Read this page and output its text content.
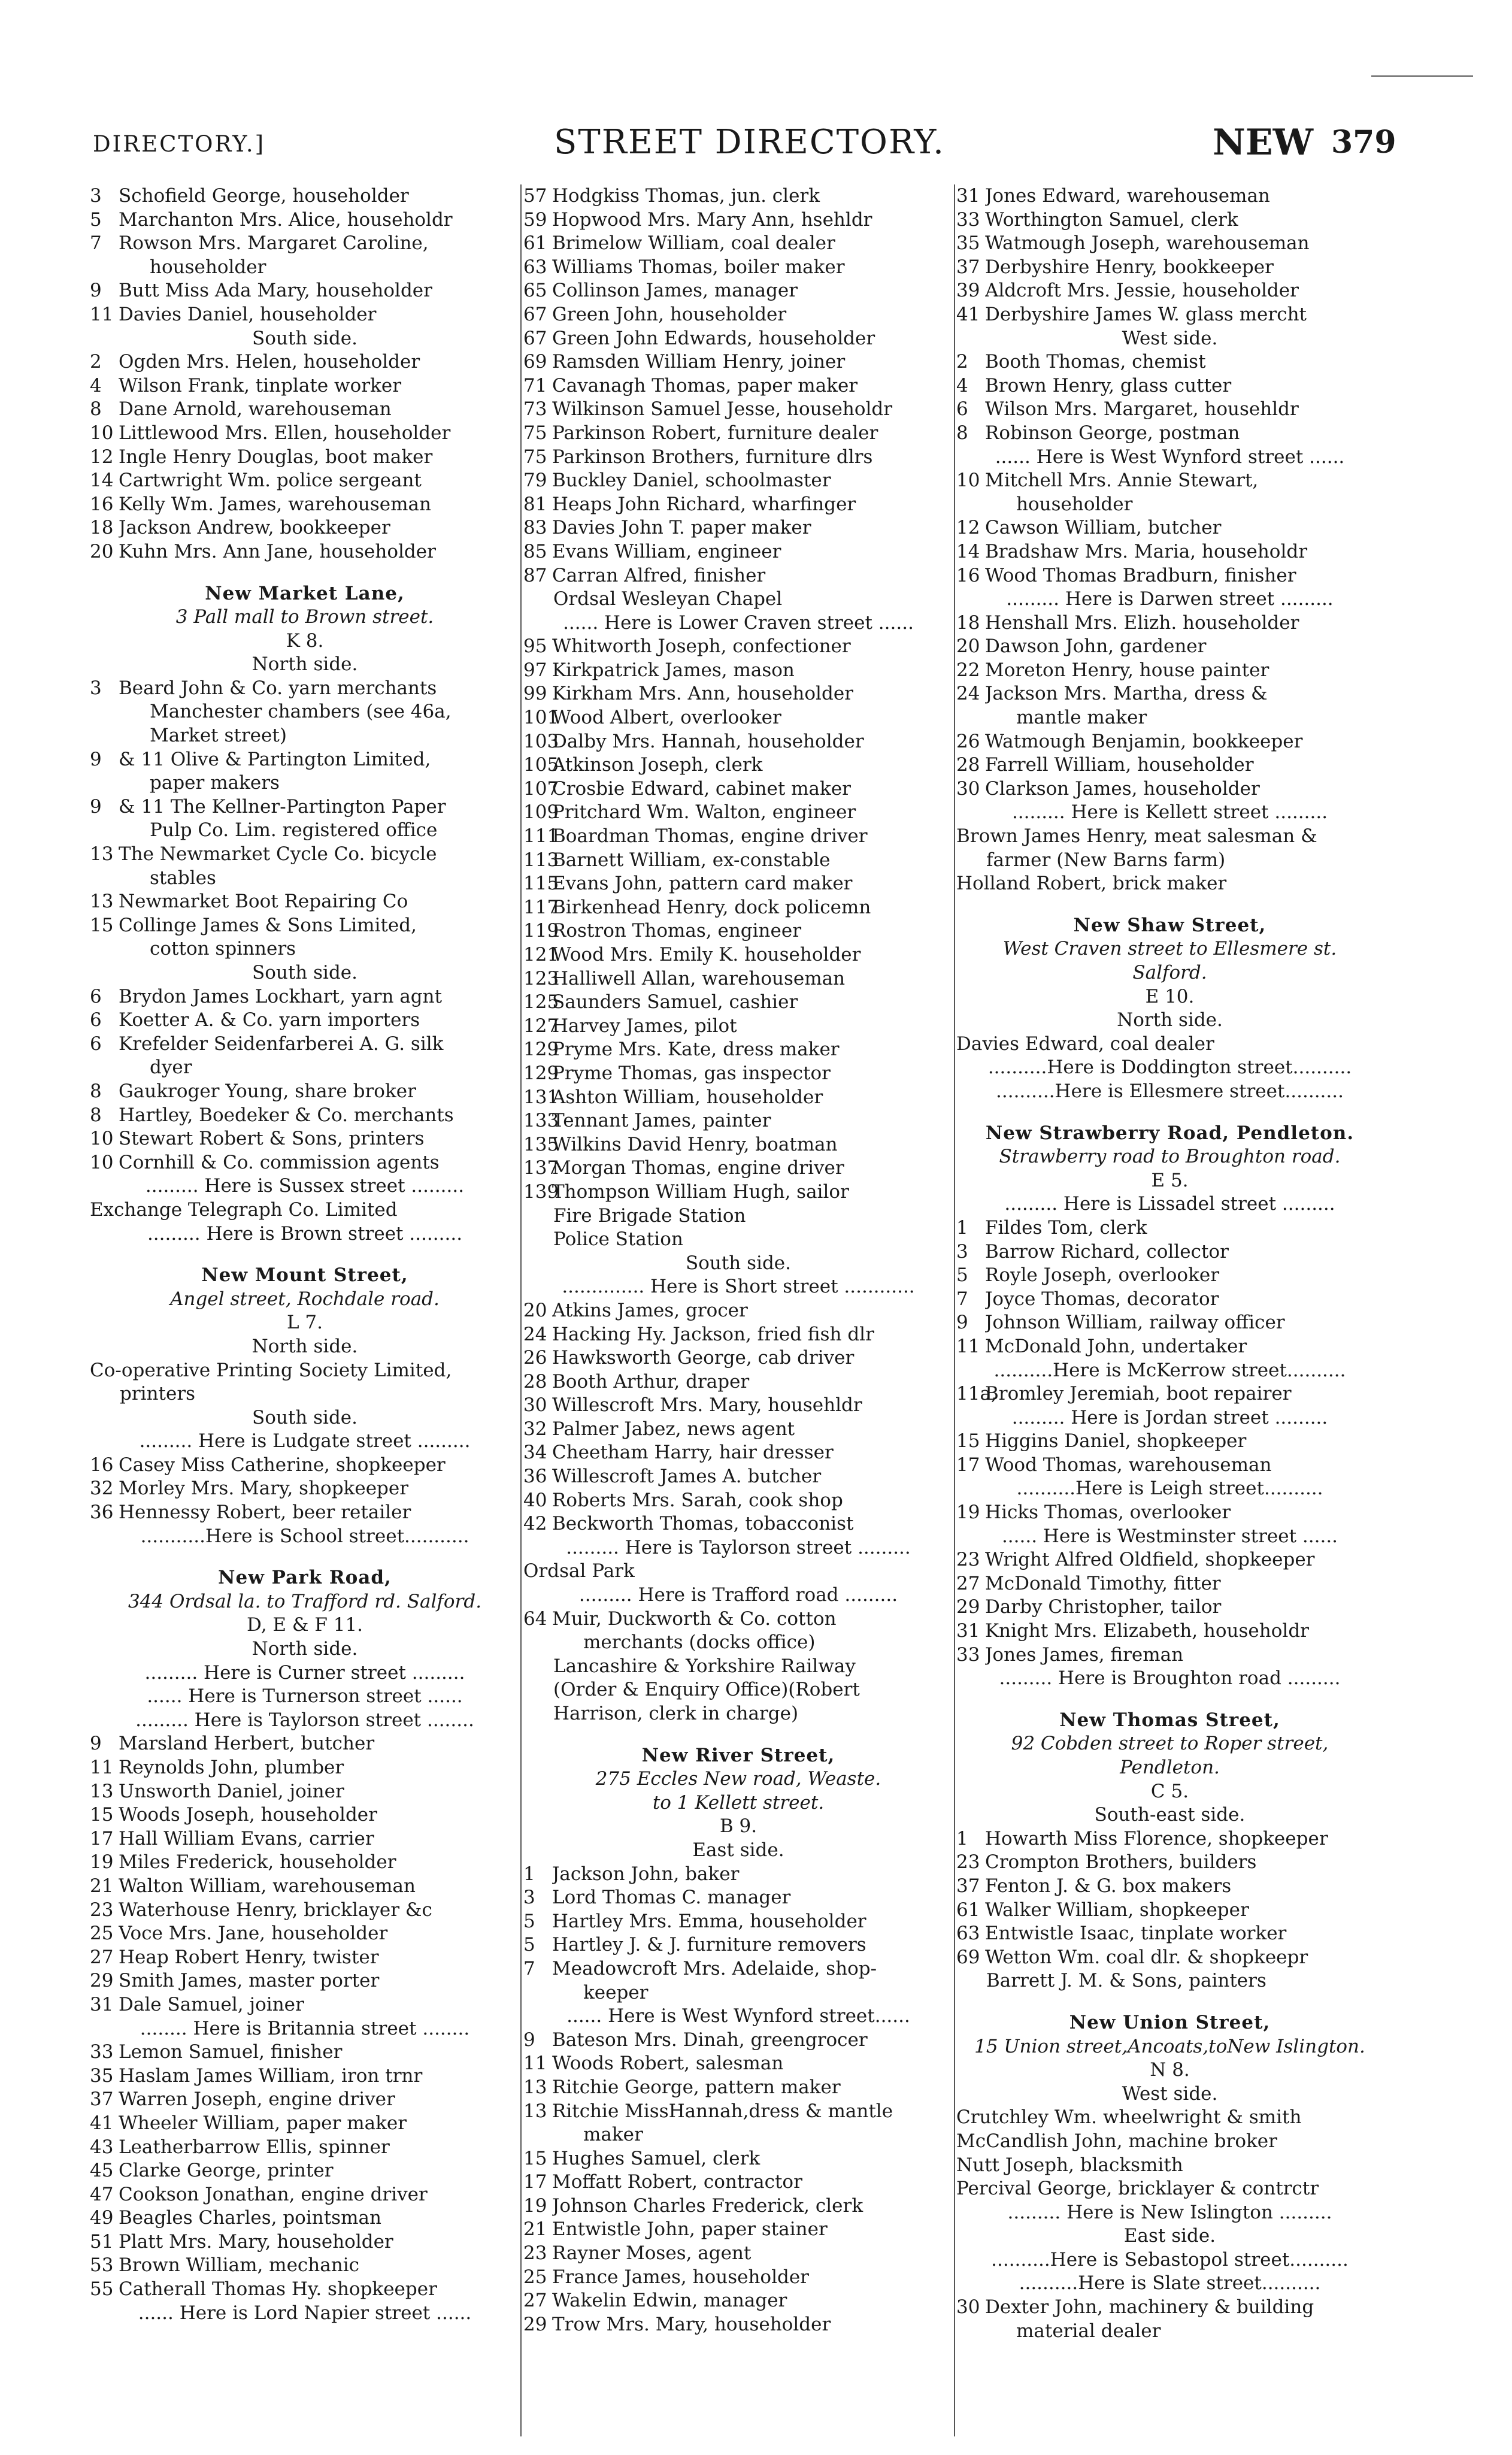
DIRECTORY.]	STREET DIRECTORY.	NEW 379
3 Schofield George, householder
5 Marchanton Mrs. Alice, householdr
7 Rowson Mrs. Margaret Caroline,
householder
9 Butt Miss Ada Mary, householder
11 Davies Daniel, householder
South side.
2 Ogden Mrs. Helen, householder
4 Wilson Frank, tinplate worker
8 Dane Arnold, warehouseman
10 Littlewood Mrs. Ellen, householder
12 Ingle Henry Douglas, boot maker
14 Cartwright Wm. police sergeant
16 Kelly Wm. James, warehouseman
18 Jackson Andrew, bookkeeper
20 Kuhn Mrs. Ann Jane, householder
New Market Lane,
3 Pall mall to Brown street.
K 8.
North side.
3 Beard John & Co. yarn merchants
Manchester chambers (see 46a,
Market street)
9 & 11 Olive & Partington Limited,
paper makers
9 & 11 The Kellner-Partington Paper
Pulp Co. Lim. registered office
13 The Newmarket Cycle Co. bicycle
stables
13 Newmarket Boot Repairing Co
15 Collinge James & Sons Limited,
cotton spinners
South side.
6 Brydon James Lockhart, yarn agnt
6 Koetter A. & Co. yarn importers
6 Krefelder Seidenfarberei A. G. silk
dyer
8 Gaukroger Young, share broker
8 Hartley, Boedeker & Co. merchants
10 Stewart Robert & Sons, printers
10 Cornhill & Co. commission agents
......... Here is Sussex street .........
Exchange Telegraph Co. Limited
......... Here is Brown street .........
New Mount Street,
Angel street, Rochdale road.
L 7.
North side.
Co-operative Printing Society Limited,
printers
South side.
......... Here is Ludgate street .........
16 Casey Miss Catherine, shopkeeper
32 Morley Mrs. Mary, shopkeeper
36 Hennessy Robert, beer retailer
...........Here is School street...........
New Park Road,
344 Ordsal la. to Trafford rd. Salford.
D, E & F 11.
North side.
......... Here is Curner street .........
...... Here is Turnerson street ......
......... Here is Taylorson street ........
9 Marsland Herbert, butcher
11 Reynolds John, plumber
13 Unsworth Daniel, joiner
15 Woods Joseph, householder
17 Hall William Evans, carrier
19 Miles Frederick, householder
21 Walton William, warehouseman
23 Waterhouse Henry, bricklayer &c
25 Voce Mrs. Jane, householder
27 Heap Robert Henry, twister
29 Smith James, master porter
31 Dale Samuel, joiner
........ Here is Britannia street ........
33 Lemon Samuel, finisher
35 Haslam James William, iron trnr
37 Warren Joseph, engine driver
41 Wheeler William, paper maker
43 Leatherbarrow Ellis, spinner
45 Clarke George, printer
47 Cookson Jonathan, engine driver
49 Beagles Charles, pointsman
51 Platt Mrs. Mary, householder
53 Brown William, mechanic
55 Catherall Thomas Hy. shopkeeper
...... Here is Lord Napier street ......
57 Hodgkiss Thomas, jun. clerk
59 Hopwood Mrs. Mary Ann, hsehldr
61 Brimelow William, coal dealer
63 Williams Thomas, boiler maker
65 Collinson James, manager
67 Green John, householder
67 Green John Edwards, householder
69 Ramsden William Henry, joiner
71 Cavanagh Thomas, paper maker
73 Wilkinson Samuel Jesse, householdr
75 Parkinson Robert, furniture dealer
75 Parkinson Brothers, furniture dlrs
79 Buckley Daniel, schoolmaster
81 Heaps John Richard, wharfinger
83 Davies John T. paper maker
85 Evans William, engineer
87 Carran Alfred, finisher
Ordsal Wesleyan Chapel
...... Here is Lower Craven street ......
95 Whitworth Joseph, confectioner
97 Kirkpatrick James, mason
99 Kirkham Mrs. Ann, householder
101
Wood Albert, overlooker
103
Dalby Mrs. Hannah, householder
105
Atkinson Joseph, clerk
107
Crosbie Edward, cabinet maker
109
Pritchard Wm. Walton, engineer
111
Boardman Thomas, engine driver
113
Barnett William, ex-constable
115
Evans John, pattern card maker
117
Birkenhead Henry, dock policemn
119
Rostron Thomas, engineer
121
Wood Mrs. Emily K. householder
123
Halliwell Allan, warehouseman
125
Saunders Samuel, cashier
127
Harvey James, pilot
129
Pryme Mrs. Kate, dress maker
129
Pryme Thomas, gas inspector
131
Ashton William, householder
133
Tennant James, painter
135
Wilkins David Henry, boatman
137
Morgan Thomas, engine driver
139
Thompson William Hugh, sailor
Fire Brigade Station
Police Station
South side.
.............. Here is Short street ............
20 Atkins James, grocer
24 Hacking Hy. Jackson, fried fish dlr
26 Hawksworth George, cab driver
28 Booth Arthur, draper
30 Willescroft Mrs. Mary, househldr
32 Palmer Jabez, news agent
34 Cheetham Harry, hair dresser
36 Willescroft James A. butcher
40 Roberts Mrs. Sarah, cook shop
42 Beckworth Thomas, tobacconist
......... Here is Taylorson street .........
Ordsal Park
......... Here is Trafford road .........
64 Muir, Duckworth & Co. cotton
merchants (docks office)
Lancashire & Yorkshire Railway
(Order & Enquiry Office)(Robert
Harrison, clerk in charge)
New River Street,
275 Eccles New road, Weaste.
to 1 Kellett street.
B 9.
East side.
1 Jackson John, baker
3 Lord Thomas C. manager
5 Hartley Mrs. Emma, householder
5 Hartley J. & J. furniture removers
7 Meadowcroft Mrs. Adelaide, shop-
keeper
...... Here is West Wynford street......
9 Bateson Mrs. Dinah, greengrocer
11 Woods Robert, salesman
13 Ritchie George, pattern maker
13 Ritchie MissHannah,dress & mantle
maker
15 Hughes Samuel, clerk
17 Moffatt Robert, contractor
19 Johnson Charles Frederick, clerk
21 Entwistle John, paper stainer
23 Rayner Moses, agent
25 France James, householder
27 Wakelin Edwin, manager
29 Trow Mrs. Mary, householder
31 Jones Edward, warehouseman
33 Worthington Samuel, clerk
35 Watmough Joseph, warehouseman
37 Derbyshire Henry, bookkeeper
39 Aldcroft Mrs. Jessie, householder
41 Derbyshire James W. glass mercht
West side.
2 Booth Thomas, chemist
4 Brown Henry, glass cutter
6 Wilson Mrs. Margaret, househldr
8 Robinson George, postman
...... Here is West Wynford street ......
10 Mitchell Mrs. Annie Stewart,
householder
12 Cawson William, butcher
14 Bradshaw Mrs. Maria, householdr
16 Wood Thomas Bradburn, finisher
......... Here is Darwen street .........
18 Henshall Mrs. Elizh. householder
20 Dawson John, gardener
22 Moreton Henry, house painter
24 Jackson Mrs. Martha, dress &
mantle maker
26 Watmough Benjamin, bookkeeper
28 Farrell William, householder
30 Clarkson James, householder
......... Here is Kellett street .........
Brown James Henry, meat salesman &
farmer (New Barns farm)
Holland Robert, brick maker
New Shaw Street,
West Craven street to Ellesmere st.
Salford.
E 10.
North side.
Davies Edward, coal dealer
..........Here is Doddington street..........
..........Here is Ellesmere street..........
New Strawberry Road, Pendleton.
Strawberry road to Broughton road.
E 5.
......... Here is Lissadel street .........
1 Fildes Tom, clerk
3 Barrow Richard, collector
5 Royle Joseph, overlooker
7 Joyce Thomas, decorator
9 Johnson William, railway officer
11 McDonald John, undertaker
..........Here is McKerrow street..........
11a,
Bromley Jeremiah, boot repairer
......... Here is Jordan street .........
15 Higgins Daniel, shopkeeper
17 Wood Thomas, warehouseman
..........Here is Leigh street..........
19 Hicks Thomas, overlooker
...... Here is Westminster street ......
23 Wright Alfred Oldfield, shopkeeper
27 McDonald Timothy, fitter
29 Darby Christopher, tailor
31 Knight Mrs. Elizabeth, householdr
33 Jones James, fireman
......... Here is Broughton road .........
New Thomas Street,
92 Cobden street to Roper street,
Pendleton.
C 5.
South-east side.
1 Howarth Miss Florence, shopkeeper
23 Crompton Brothers, builders
37 Fenton J. & G. box makers
61 Walker William, shopkeeper
63 Entwistle Isaac, tinplate worker
69 Wetton Wm. coal dlr. & shopkeepr
Barrett J. M. & Sons, painters
New Union Street,
15 Union street,Ancoats,toNew Islington.
N 8.
West side.
Crutchley Wm. wheelwright & smith
McCandlish John, machine broker
Nutt Joseph, blacksmith
Percival George, bricklayer & contrctr
......... Here is New Islington .........
East side.
..........Here is Sebastopol street..........
..........Here is Slate street..........
30 Dexter John, machinery & building
material dealer
